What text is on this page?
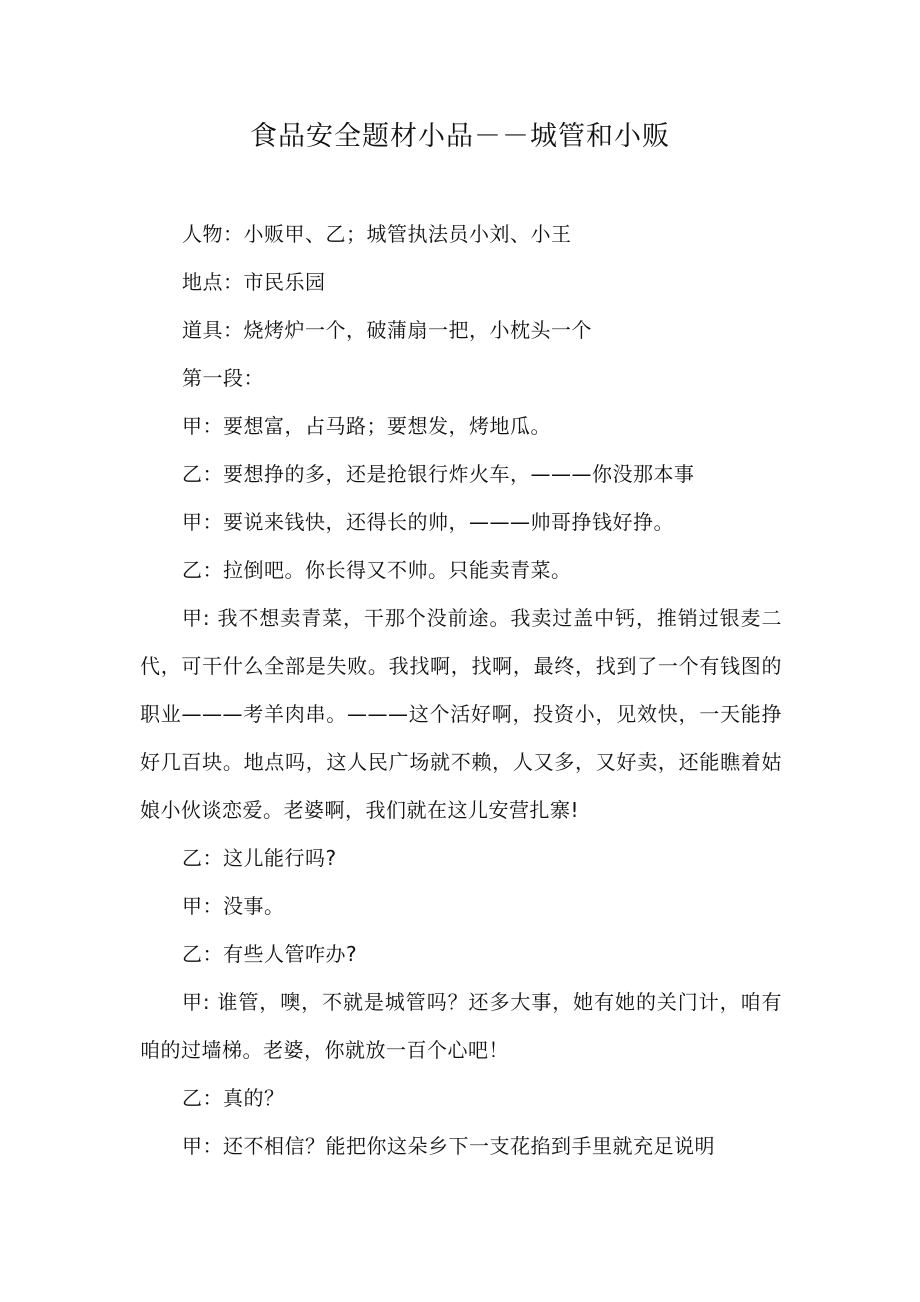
食品安全题材小品－－城管和小贩

人物：小贩甲、乙；城管执法员小刘、小王

地点：市民乐园

道具：烧烤炉一个，破蒲扇一把，小枕头一个

第一段：

甲：要想富，占马路；要想发，烤地瓜。

乙：要想挣的多，还是抢银行炸火车，———你没那本事

甲：要说来钱快，还得长的帅，———帅哥挣钱好挣。

乙：拉倒吧。你长得又不帅。只能卖青菜。

甲: 我不想卖青菜，干那个没前途。我卖过盖中钙，推销过银麦二代，可干什么全部是失败。我找啊，找啊，最终，找到了一个有钱图的职业———考羊肉串。———这个活好啊，投资小，见效快，一天能挣好几百块。地点吗，这人民广场就不赖，人又多，又好卖，还能瞧着姑娘小伙谈恋爱。老婆啊，我们就在这儿安营扎寨!

乙：这儿能行吗?

甲：没事。

乙：有些人管咋办?

甲: 谁管，噢，不就是城管吗？还多大事，她有她的关门计，咱有咱的过墙梯。老婆，你就放一百个心吧！

乙：真的？

甲：还不相信？能把你这朵乡下一支花掐到手里就充足说明
